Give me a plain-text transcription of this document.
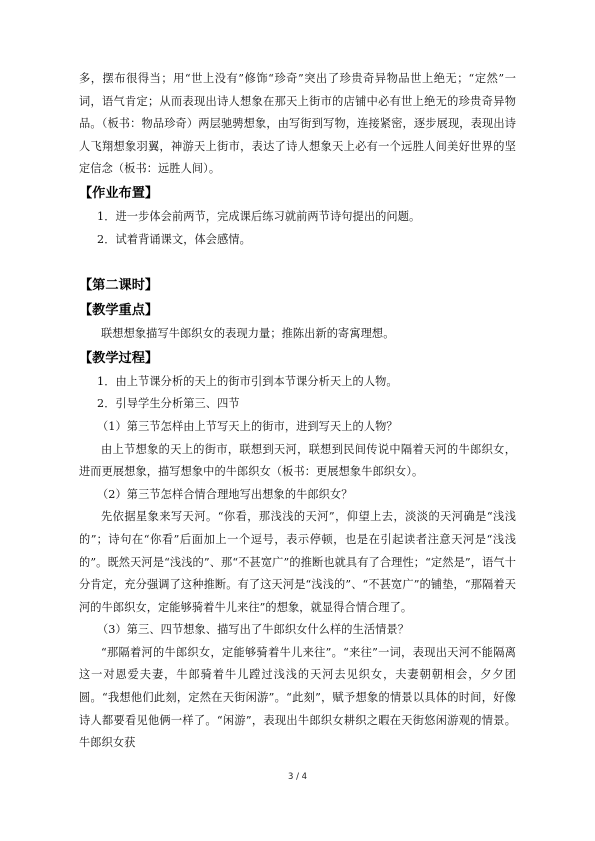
多，摆布很得当；用“世上没有”修饰“珍奇”突出了珍贵奇异物品世上绝无；“定然”一词，语气肯定；从而表现出诗人想象在那天上街市的店铺中必有世上绝无的珍贵奇异物品。（板书：物品珍奇）两层驰骋想象，由写街到写物，连接紧密，逐步展现，表现出诗人飞翔想象羽翼，神游天上街市，表达了诗人想象天上必有一个远胜人间美好世界的坚定信念（板书：远胜人间）。

【作业布置】

1．进一步体会前两节，完成课后练习就前两节诗句提出的问题。

2．试着背诵课文，体会感情。

【第二课时】
【教学重点】

联想想象描写牛郎织女的表现力量；推陈出新的寄寓理想。

【教学过程】

1．由上节课分析的天上的街市引到本节课分析天上的人物。

2．引导学生分析第三、四节

（1）第三节怎样由上节写天上的街市，进到写天上的人物？

由上节想象的天上的街市，联想到天河，联想到民间传说中隔着天河的牛郎织女，进而更展想象，描写想象中的牛郎织女（板书：更展想象牛郎织女）。

（2）第三节怎样合情合理地写出想象的牛郎织女？

先依据星象来写天河。“你看，那浅浅的天河”，仰望上去，淡淡的天河确是“浅浅的”；诗句在“你看”后面加上一个逗号，表示停顿，也是在引起读者注意天河是“浅浅的”。既然天河是“浅浅的”、那“不甚宽广”的推断也就具有了合理性；“定然是”，语气十分肯定，充分强调了这种推断。有了这天河是“浅浅的”、“不甚宽广”的铺垫，“那隔着天河的牛郎织女，定能够骑着牛儿来往”的想象，就显得合情合理了。

（3）第三、四节想象、描写出了牛郎织女什么样的生活情景？

“那隔着河的牛郎织女，定能够骑着牛儿来往”。“来往”一词，表现出天河不能隔离这一对恩爱夫妻，牛郎骑着牛儿蹚过浅浅的天河去见织女，夫妻朝朝相会，夕夕团圆。“我想他们此刻，定然在天街闲游”。“此刻”，赋予想象的情景以具体的时间，好像诗人都要看见他俩一样了。“闲游”，表现出牛郎织女耕织之暇在天街悠闲游观的情景。牛郎织女获

3 / 4
